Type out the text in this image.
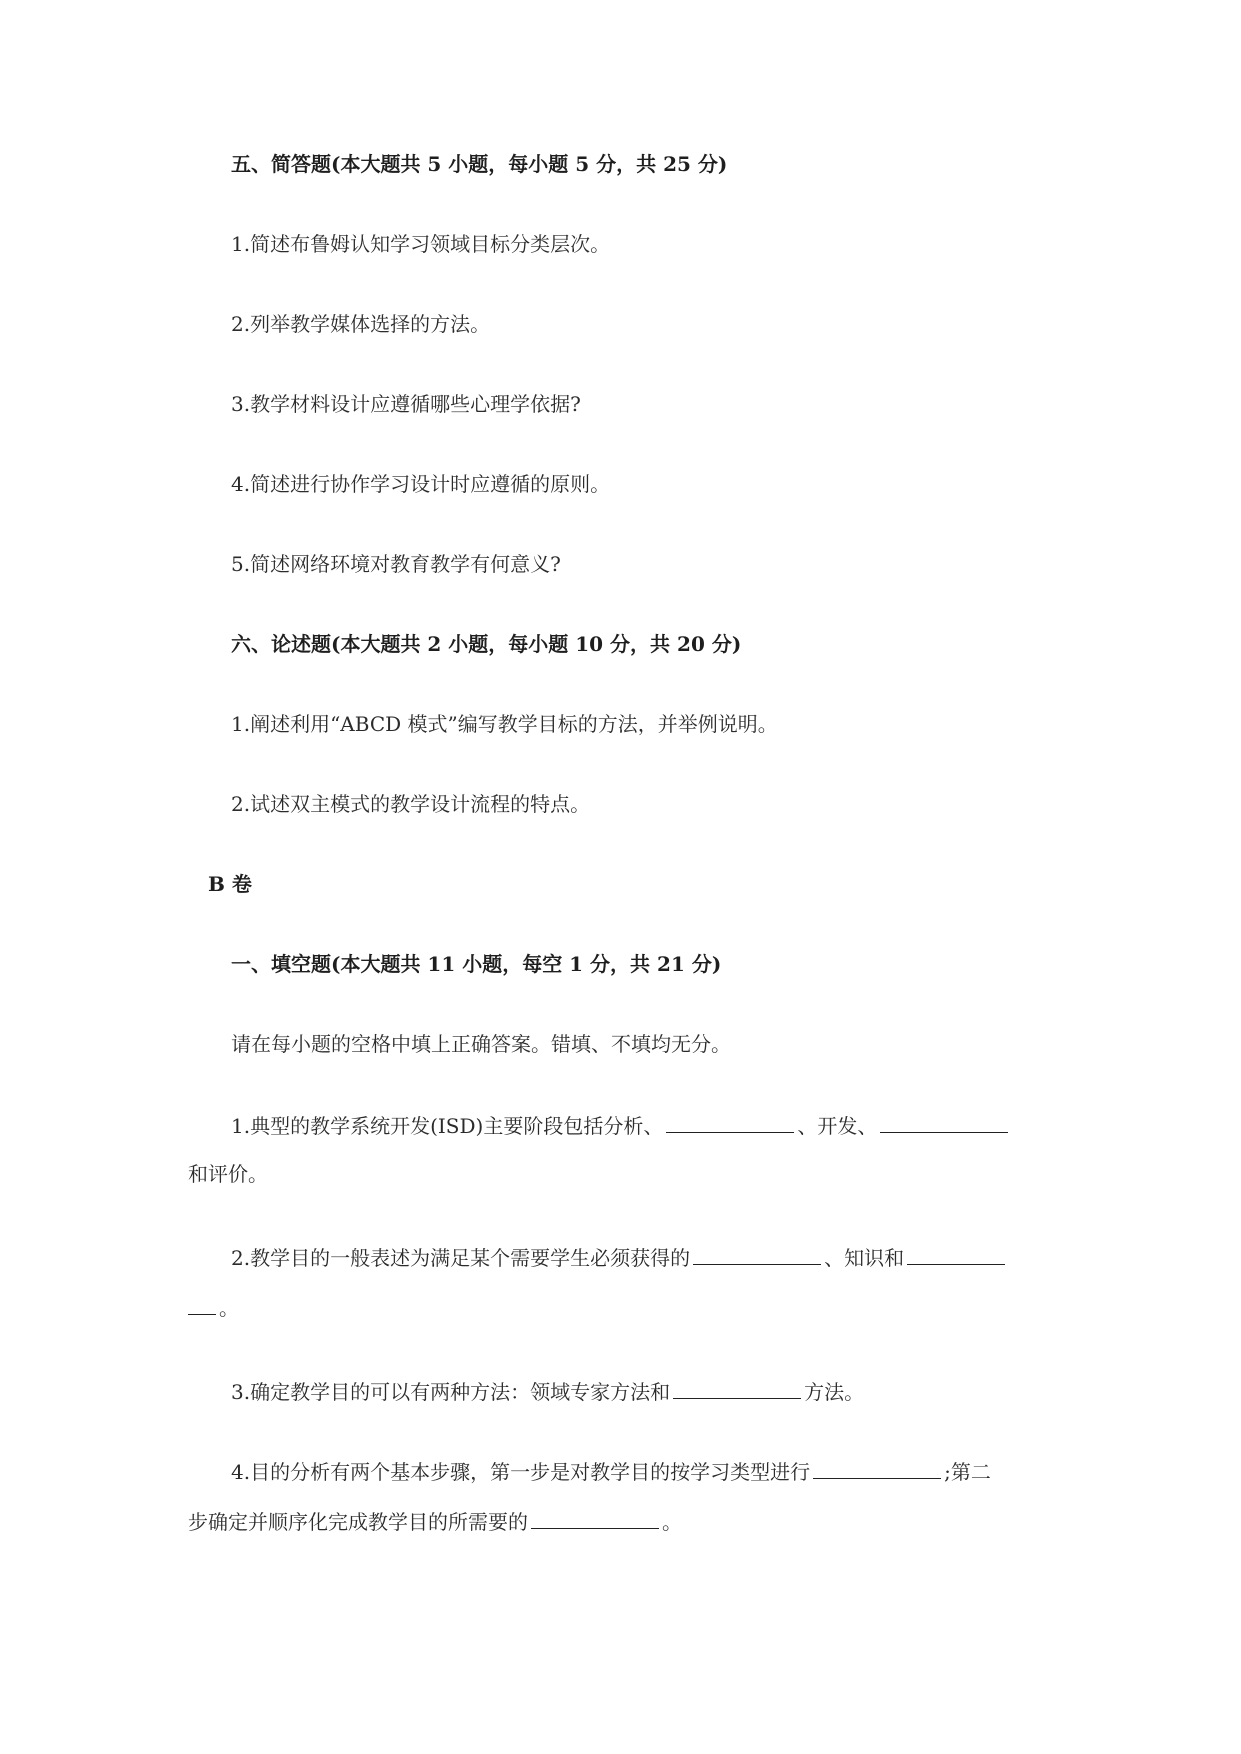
五、简答题(本大题共 5 小题，每小题 5 分，共 25 分)
1.简述布鲁姆认知学习领域目标分类层次。
2.列举教学媒体选择的方法。
3.教学材料设计应遵循哪些心理学依据?
4.简述进行协作学习设计时应遵循的原则。
5.简述网络环境对教育教学有何意义?
六、论述题(本大题共 2 小题，每小题 10 分，共 20 分)
1.阐述利用“ABCD 模式”编写教学目标的方法，并举例说明。
2.试述双主模式的教学设计流程的特点。
B 卷
一、填空题(本大题共 11 小题，每空 1 分，共 21 分)
请在每小题的空格中填上正确答案。错填、不填均无分。
1.典型的教学系统开发(ISD)主要阶段包括分析、	、开发、
和评价。
2.教学目的一般表述为满足某个需要学生必须获得的	、知识和
。
3.确定教学目的可以有两种方法：领域专家方法和	方法。
4.目的分析有两个基本步骤，第一步是对教学目的按学习类型进行	;第二
步确定并顺序化完成教学目的所需要的	。
